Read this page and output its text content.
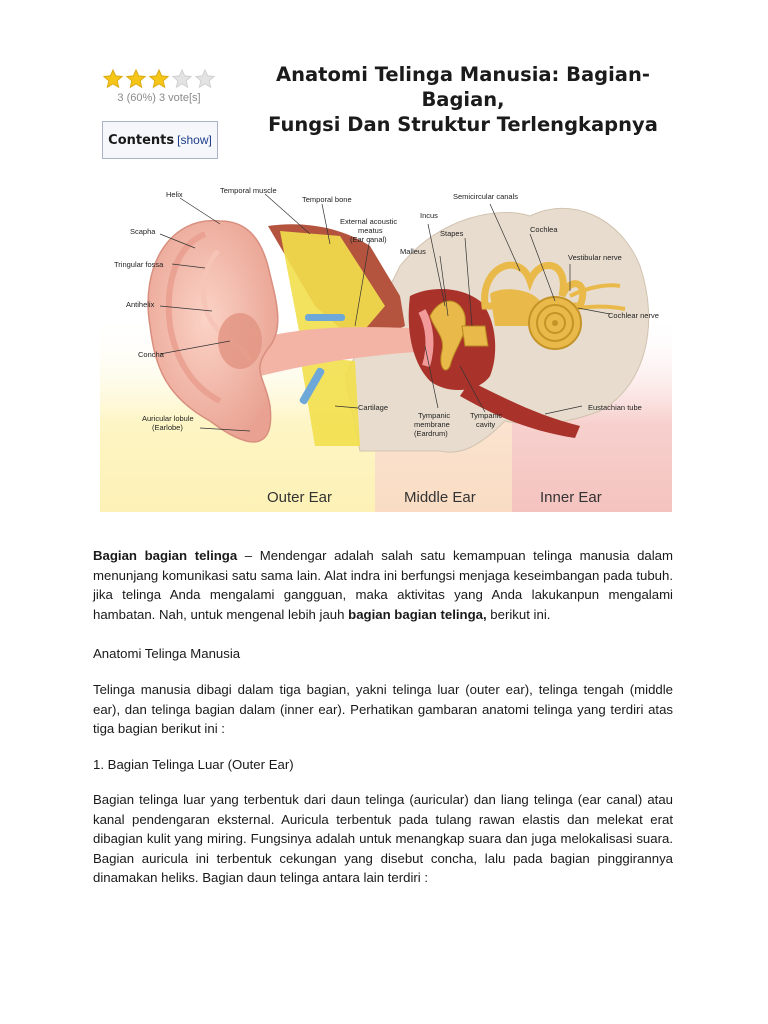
3 (60%) 3 vote[s]
Anatomi Telinga Manusia: Bagian-Bagian,
Fungsi Dan Struktur Terlengkapnya
Contents [show]
Helix
Scapha
Tringular fossa
Antihelix
Concha
Auricular lobule
(Earlobe)
Temporal muscle
Temporal bone
External acoustic
meatus
(Ear canal)
Incus
Malleus
Stapes
Semicircular canals
Cochlea
Vestibular nerve
Cochlear nerve
Cartilage
Tympanic
membrane
(Eardrum)
Tympanic
cavity
Eustachian tube
Outer Ear	Middle Ear	Inner Ear

Bagian bagian telinga – Mendengar adalah salah satu kemampuan telinga manusia dalam menunjang komunikasi satu sama lain. Alat indra ini berfungsi menjaga keseimbangan pada tubuh. jika telinga Anda mengalami gangguan, maka aktivitas yang Anda lakukanpun mengalami hambatan. Nah, untuk mengenal lebih jauh bagian bagian telinga, berikut ini.

Anatomi Telinga Manusia

Telinga manusia dibagi dalam tiga bagian, yakni telinga luar (outer ear), telinga tengah (middle ear), dan telinga bagian dalam (inner ear). Perhatikan gambaran anatomi telinga yang terdiri atas tiga bagian berikut ini :

1. Bagian Telinga Luar (Outer Ear)

Bagian telinga luar yang terbentuk dari daun telinga (auricular) dan liang telinga (ear canal) atau kanal pendengaran eksternal. Auricula terbentuk pada tulang rawan elastis dan melekat erat dibagian kulit yang miring. Fungsinya adalah untuk menangkap suara dan juga melokalisasi suara. Bagian auricula ini terbentuk cekungan yang disebut concha, lalu pada bagian pinggirannya dinamakan heliks. Bagian daun telinga antara lain terdiri :
